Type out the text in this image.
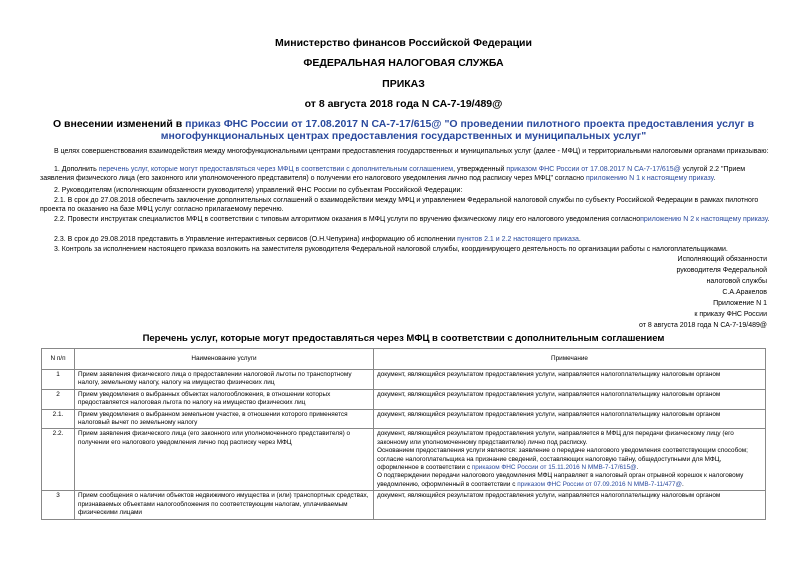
Министерство финансов Российской Федерации
ФЕДЕРАЛЬНАЯ НАЛОГОВАЯ СЛУЖБА
ПРИКАЗ
от 8 августа 2018 года N СА-7-19/489@
О внесении изменений в приказ ФНС России от 17.08.2017 N СА-7-17/615@ "О проведении пилотного проекта предоставления услуг в многофункциональных центрах предоставления государственных и муниципальных услуг"
В целях совершенствования взаимодействия между многофункциональными центрами предоставления государственных и муниципальных услуг (далее - МФЦ) и территориальными налоговыми органами приказываю:
1. Дополнить перечень услуг, которые могут предоставляться через МФЦ в соответствии с дополнительным соглашением, утвержденный приказом ФНС России от 17.08.2017 N СА-7-17/615@ услугой 2.2 "Прием заявления физического лица (его законного или уполномоченного представителя) о получении его налогового уведомления лично под расписку через МФЦ" согласно приложению N 1 к настоящему приказу.
2. Руководителям (исполняющим обязанности руководителя) управлений ФНС России по субъектам Российской Федерации:
2.1. В срок до 27.08.2018 обеспечить заключение дополнительных соглашений о взаимодействии между МФЦ и управлением Федеральной налоговой службы по субъекту Российской Федерации в рамках пилотного проекта по оказанию на базе МФЦ услуг согласно прилагаемому перечню.
2.2. Провести инструктаж специалистов МФЦ в соответствии с типовым алгоритмом оказания в МФЦ услуги по вручению физическому лицу его налогового уведомления согласноприложению N 2 к настоящему приказу.
2.3. В срок до 29.08.2018 представить в Управление интерактивных сервисов (О.Н.Чепурина) информацию об исполнении пунктов 2.1 и 2.2 настоящего приказа.
3. Контроль за исполнением настоящего приказа возложить на заместителя руководителя Федеральной налоговой службы, координирующего деятельность по организации работы с налогоплательщиками.
Исполняющий обязанности
руководителя Федеральной
налоговой службы
С.А.Аракелов
Приложение N 1
к приказу ФНС России
от 8 августа 2018 года N СА-7-19/489@
Перечень услуг, которые могут предоставляться через МФЦ в соответствии с дополнительным соглашением
N п/п	Наименование услуги	Примечание
1	Прием заявления физического лица о предоставлении налоговой льготы по транспортному налогу, земельному налогу, налогу на имущество физических лиц	документ, являющийся результатом предоставления услуги, направляется налогоплательщику налоговым органом
2	Прием уведомления о выбранных объектах налогообложения, в отношении которых предоставляется налоговая льгота по налогу на имущество физических лиц	документ, являющийся результатом предоставления услуги, направляется налогоплательщику налоговым органом
2.1.	Прием уведомления о выбранном земельном участке, в отношении которого применяется налоговый вычет по земельному налогу	документ, являющийся результатом предоставления услуги, направляется налогоплательщику налоговым органом
2.2.	Прием заявления физического лица (его законного или уполномоченного представителя) о получении его налогового уведомления лично под расписку через МФЦ	документ, являющийся результатом предоставления услуги, направляется в МФЦ для передачи физическому лицу (его законному или уполномоченному представителю) лично под расписку.
Основанием предоставления услуги являются: заявление о передаче налогового уведомления соответствующим способом; согласие налогоплательщика на признание сведений, составляющих налоговую тайну, общедоступными для МФЦ, оформленное в соответствии с приказом ФНС России от 15.11.2016 N ММВ-7-17/615@.
О подтверждении передачи налогового уведомления МФЦ направляет в налоговый орган отрывной корешок к налоговому уведомлению, оформленный в соответствии с приказом ФНС России от 07.09.2016 N ММВ-7-11/477@.

3	Прием сообщения о наличии объектов недвижимого имущества и (или) транспортных средствах, признаваемых объектами налогообложения по соответствующим налогам, уплачиваемым физическими лицами	документ, являющийся результатом предоставления услуги, направляется налогоплательщику налоговым органом
